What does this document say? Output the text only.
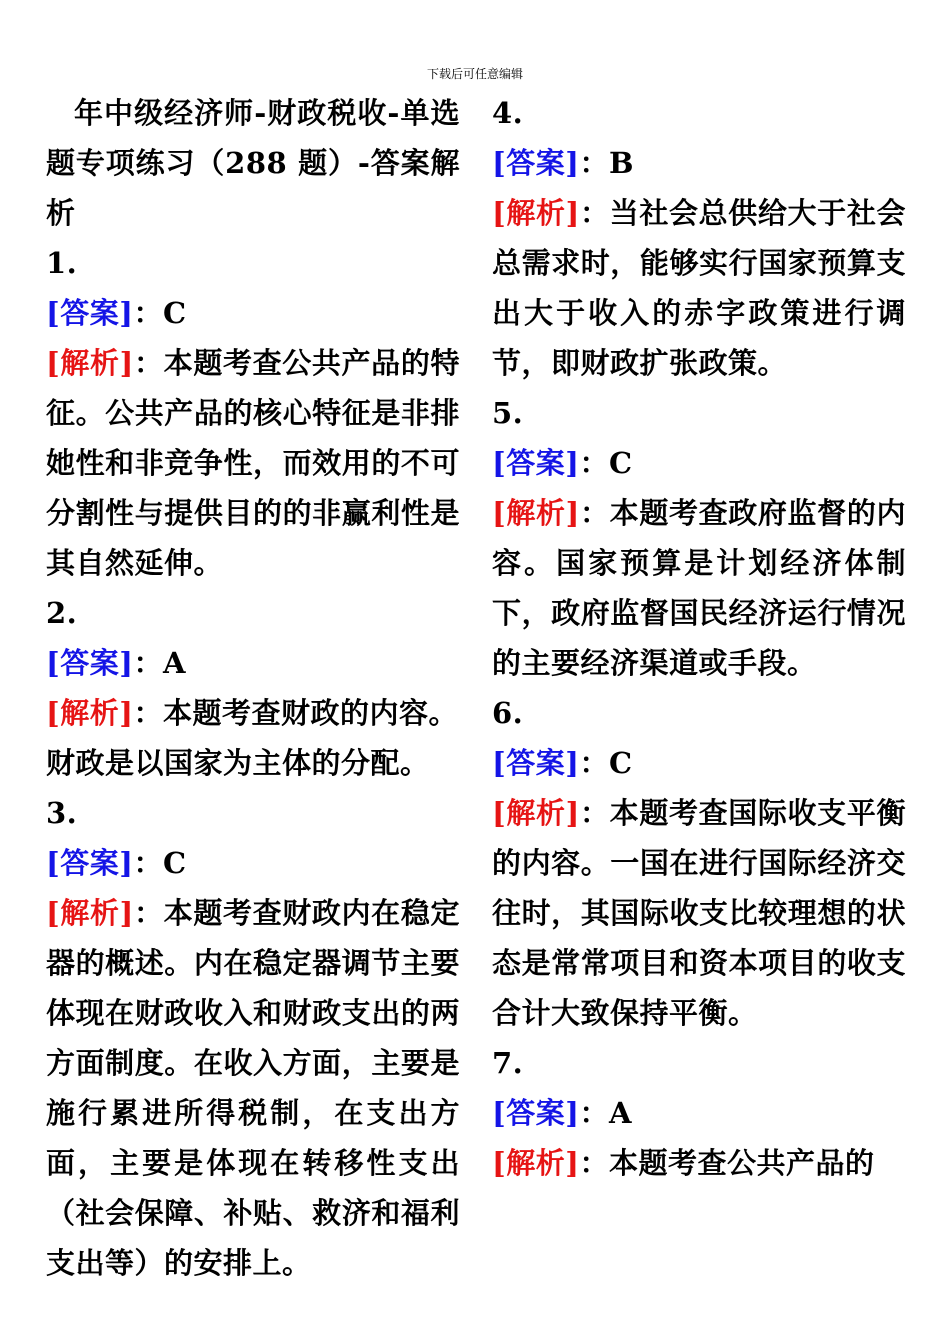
下载后可任意编辑

年中级经济师-财政税收-单选题专项练习（288 题）-答案解析

1.

[答案]：C

[解析]：本题考查公共产品的特征。公共产品的核心特征是非排她性和非竞争性，而效用的不可分割性与提供目的的非赢利性是其自然延伸。

2.

[答案]：A

[解析]：本题考查财政的内容。财政是以国家为主体的分配。

3.

[答案]：C

[解析]：本题考查财政内在稳定器的概述。内在稳定器调节主要体现在财政收入和财政支出的两方面制度。在收入方面，主要是施行累进所得税制，在支出方面，主要是体现在转移性支出（社会保障、补贴、救济和福利支出等）的安排上。

4.

[答案]：B

[解析]：当社会总供给大于社会总需求时，能够实行国家预算支出大于收入的赤字政策进行调节，即财政扩张政策。

5.

[答案]：C

[解析]：本题考查政府监督的内容。国家预算是计划经济体制下，政府监督国民经济运行情况的主要经济渠道或手段。

6.

[答案]：C

[解析]：本题考查国际收支平衡的内容。一国在进行国际经济交往时，其国际收支比较理想的状态是常常项目和资本项目的收支合计大致保持平衡。

7.

[答案]：A

[解析]：本题考查公共产品的
